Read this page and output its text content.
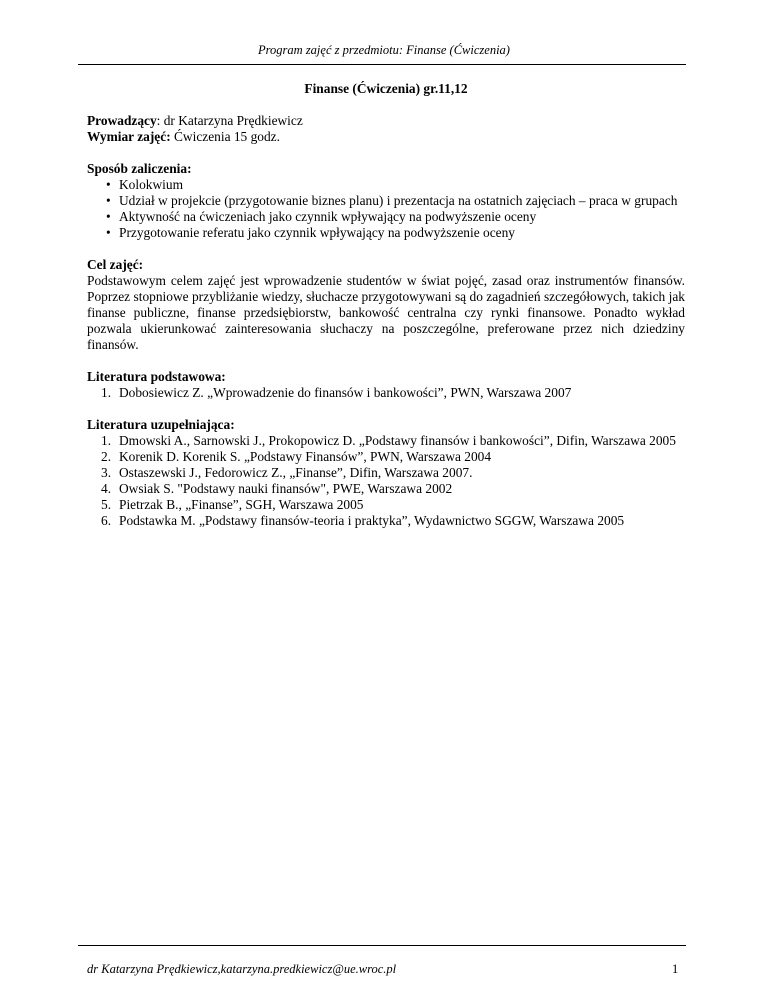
Program zajęć z przedmiotu: Finanse (Ćwiczenia)
Finanse (Ćwiczenia) gr.11,12

Prowadzący: dr Katarzyna Prędkiewicz

Wymiar zajęć: Ćwiczenia 15 godz.

Sposób zaliczenia:

• Kolokwium
• Udział w projekcie (przygotowanie biznes planu) i prezentacja na ostatnich zajęciach – praca w grupach
• Aktywność na ćwiczeniach jako czynnik wpływający na podwyższenie oceny
• Przygotowanie referatu jako czynnik wpływający na podwyższenie oceny

Cel zajęć:

Podstawowym celem zajęć jest wprowadzenie studentów w świat pojęć, zasad oraz instrumentów finansów. Poprzez stopniowe przybliżanie wiedzy, słuchacze przygotowywani są do zagadnień szczegółowych, takich jak finanse publiczne, finanse przedsiębiorstw, bankowość centralna czy rynki finansowe. Ponadto wykład pozwala ukierunkować zainteresowania słuchaczy na poszczególne, preferowane przez nich dziedziny finansów.

Literatura podstawowa:

1. Dobosiewicz Z. „Wprowadzenie do finansów i bankowości”, PWN, Warszawa 2007

Literatura uzupełniająca:

1. Dmowski A., Sarnowski J., Prokopowicz D. „Podstawy finansów i bankowości”, Difin, Warszawa 2005
2. Korenik D. Korenik S. „Podstawy Finansów”, PWN, Warszawa 2004
3. Ostaszewski J., Fedorowicz Z., „Finanse”, Difin, Warszawa 2007.
4. Owsiak S. "Podstawy nauki finansów", PWE, Warszawa 2002
5. Pietrzak B., „Finanse”, SGH, Warszawa 2005
6. Podstawka M. „Podstawy finansów-teoria i praktyka”, Wydawnictwo SGGW, Warszawa 2005
dr Katarzyna Prędkiewicz,katarzyna.predkiewicz@ue.wroc.pl	1
